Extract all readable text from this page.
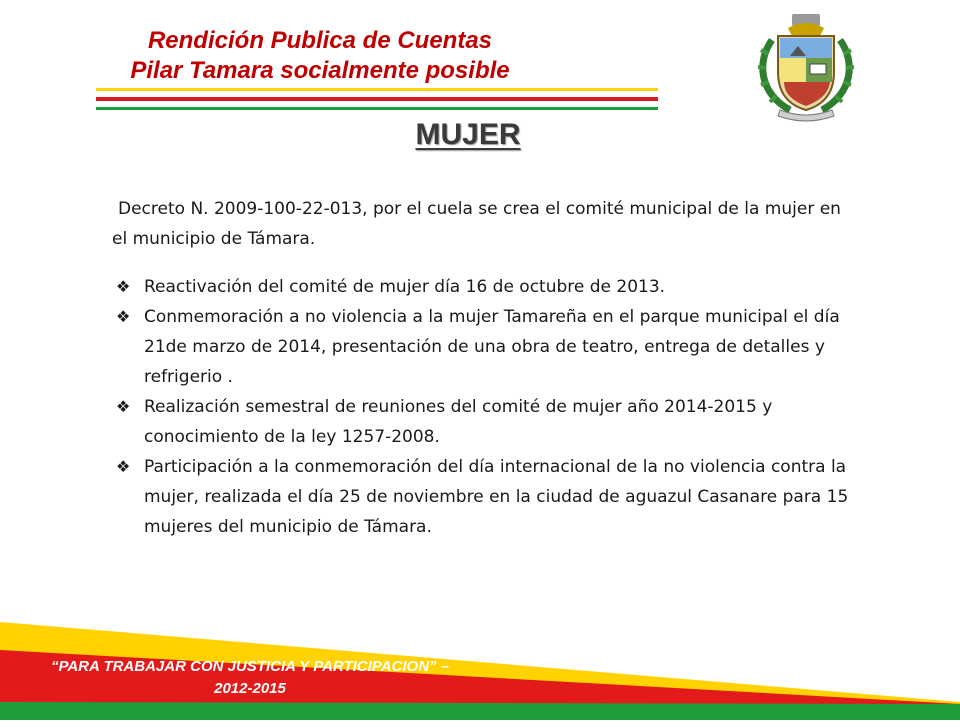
Rendición Publica de Cuentas
Pilar Tamara socialmente posible
MUJER

Decreto N. 2009-100-22-013, por el cuela se crea el comité municipal de la mujer en el municipio de Támara.

❖ Reactivación del comité de mujer día 16 de octubre de 2013.
❖ Conmemoración a no violencia a la mujer Tamareña en el parque municipal el día 21de marzo de 2014, presentación de una obra de teatro, entrega de detalles y refrigerio .
❖ Realización semestral de reuniones del comité de mujer año 2014-2015 y conocimiento de la ley 1257-2008.
❖ Participación a la conmemoración del día internacional de la no violencia contra la mujer, realizada el día 25 de noviembre en la ciudad de aguazul Casanare para 15 mujeres del municipio de Támara.
“PARA TRABAJAR CON JUSTICIA Y PARTICIPACION” –
2012-2015
